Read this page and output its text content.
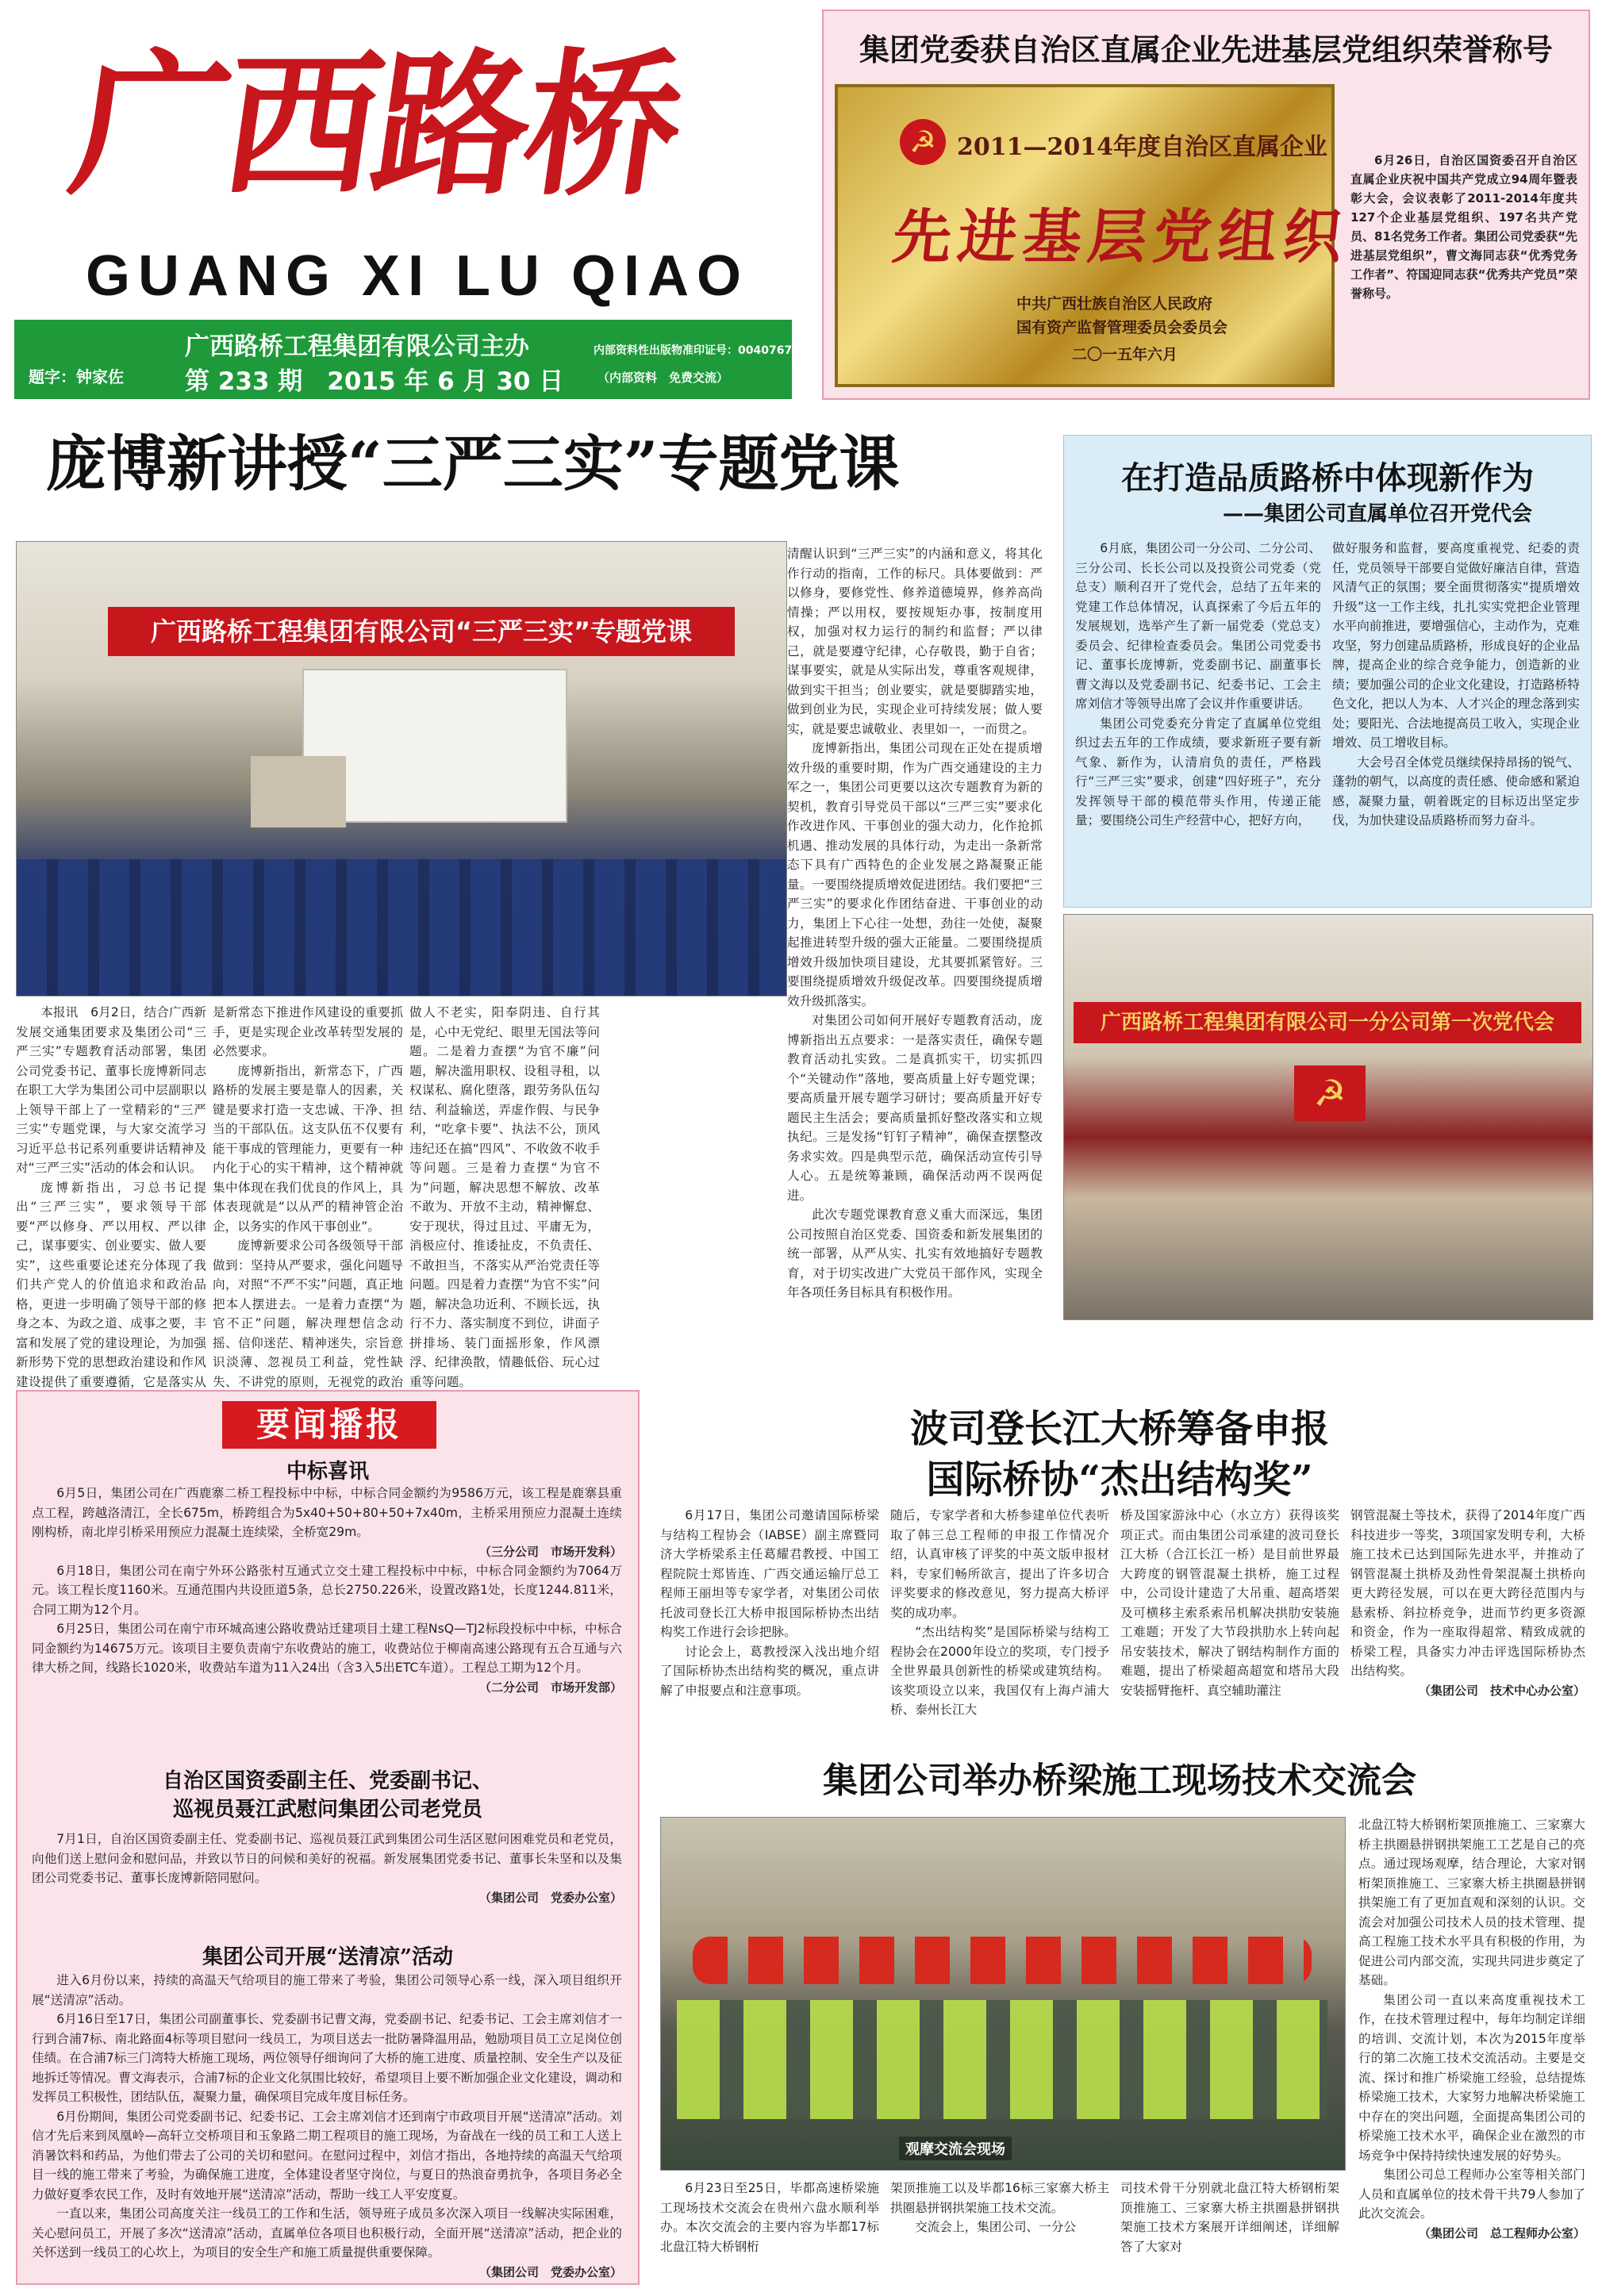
广西路桥
GUANG XI LU QIAO
题字：钟家佐
广西路桥工程集团有限公司主办
第 233 期　2015 年 6 月 30 日
内部资料性出版物准印证号：0040767
（内部资料　免费交流）
集团党委获自治区直属企业先进基层党组织荣誉称号
☭ 2011—2014年度自治区直属企业
先进基层党组织
中共广西壮族自治区人民政府
国有资产监督管理委员会委员会
二〇一五年六月
6月26日，自治区国资委召开自治区直属企业庆祝中国共产党成立94周年暨表彰大会，会议表彰了2011-2014年度共127个企业基层党组织、197名共产党员、81名党务工作者。集团公司党委获“先进基层党组织”，曹文海同志获“优秀党务工作者”、符国迎同志获“优秀共产党员”荣誉称号。
庞博新讲授“三严三实”专题党课
广西路桥工程集团有限公司“三严三实”专题党课

本报讯　6月2日，结合广西新发展交通集团要求及集团公司“三严三实”专题教育活动部署，集团公司党委书记、董事长庞博新同志在职工大学为集团公司中层副职以上领导干部上了一堂精彩的“三严三实”专题党课，与大家交流学习习近平总书记系列重要讲话精神及对“三严三实”活动的体会和认识。

庞博新指出，习总书记提出“三严三实”，要求领导干部要“严以修身、严以用权、严以律己，谋事要实、创业要实、做人要实”，这些重要论述充分体现了我们共产党人的价值追求和政治品格，更进一步明确了领导干部的修身之本、为政之道、成事之要，丰富和发展了党的建设理论，为加强新形势下党的思想政治建设和作风建设提供了重要遵循，它是落实从

是新常态下推进作风建设的重要抓手，更是实现企业改革转型发展的必然要求。

庞博新指出，新常态下，广西路桥的发展主要是靠人的因素，关键是要求打造一支忠诚、干净、担当的干部队伍。这支队伍不仅要有能干事成的管理能力，更要有一种内化于心的实干精神，这个精神就集中体现在我们优良的作风上，具体表现就是“以从严的精神管企治企，以务实的作风干事创业”。

庞博新要求公司各级领导干部做到：坚持从严要求，强化问题导向，对照“不严不实”问题，真正地把本人摆进去。一是着力查摆“为官不正”问题，解决理想信念动摇、信仰迷茫、精神迷失，宗旨意识淡薄、忽视员工利益，党性缺失、不讲党的原则，无视党的政治

做人不老实，阳奉阴违、自行其是，心中无党纪、眼里无国法等问题。二是着力查摆“为官不廉”问题，解决滥用职权、设租寻租，以权谋私、腐化堕落，跟劳务队伍勾结、利益输送，弄虚作假、与民争利，“吃拿卡要”、执法不公，顶风违纪还在搞“四风”、不收敛不收手等问题。三是着力查摆“为官不为”问题，解决思想不解放、改革不敢为、开放不主动，精神懈怠、安于现状，得过且过、平庸无为，消极应付、推诿扯皮，不负责任、不敢担当，不落实从严治党责任等问题。四是着力查摆“为官不实”问题，解决急功近利、不顾长远，执行不力、落实制度不到位，讲面子拼排场、装门面摇形象，作风漂浮、纪律涣散，情趣低俗、玩心过重等问题。

清醒认识到“三严三实”的内涵和意义，将其化作行动的指南，工作的标尺。具体要做到：严以修身，要修党性、修养道德境界，修养高尚情操；严以用权，要按规矩办事，按制度用权，加强对权力运行的制约和监督；严以律己，就是要遵守纪律，心存敬畏，勤于自省；谋事要实，就是从实际出发，尊重客观规律，做到实干担当；创业要实，就是要脚踏实地，做到创业为民，实现企业可持续发展；做人要实，就是要忠诚敬业、表里如一，一而贯之。

庞博新指出，集团公司现在正处在提质增效升级的重要时期，作为广西交通建设的主力军之一，集团公司更要以这次专题教育为新的契机，教育引导党员干部以“三严三实”要求化作改进作风、干事创业的强大动力，化作抢抓机遇、推动发展的具体行动，为走出一条新常态下具有广西特色的企业发展之路凝聚正能量。一要围绕提质增效促进团结。我们要把“三严三实”的要求化作团结奋进、干事创业的动力，集团上下心往一处想，劲往一处使，凝聚起推进转型升级的强大正能量。二要围绕提质增效升级加快项目建设，尤其要抓紧管好。三要围绕提质增效升级促改革。四要围绕提质增效升级抓落实。

对集团公司如何开展好专题教育活动，庞博新指出五点要求：一是落实责任，确保专题教育活动扎实致。二是真抓实干，切实抓四个“关键动作”落地，要高质量上好专题党课；要高质量开展专题学习研讨；要高质量开好专题民主生活会；要高质量抓好整改落实和立规执纪。三是发扬“钉钉子精神”，确保查摆整改务求实效。四是典型示范，确保活动宣传引导人心。五是统筹兼顾，确保活动两不误两促进。

此次专题党课教育意义重大而深远，集团公司按照自治区党委、国资委和新发展集团的统一部署，从严从实、扎实有效地搞好专题教育，对于切实改进广大党员干部作风，实现全年各项任务目标具有积极作用。

在打造品质路桥中体现新作为
——集团公司直属单位召开党代会

6月底，集团公司一分公司、二分公司、三分公司、长长公司以及投资公司党委（党总支）顺利召开了党代会，总结了五年来的党建工作总体情况，认真探索了今后五年的发展规划，选举产生了新一届党委（党总支）委员会、纪律检查委员会。集团公司党委书记、董事长庞博新，党委副书记、副董事长曹文海以及党委副书记、纪委书记、工会主席刘信才等领导出席了会议并作重要讲话。

集团公司党委充分肯定了直属单位党组织过去五年的工作成绩，要求新班子要有新气象、新作为，认清肩负的责任，严格践行“三严三实”要求，创建“四好班子”，充分发挥领导干部的模范带头作用，传递正能量；要围绕公司生产经营中心，把好方向，

做好服务和监督，要高度重视党、纪委的责任，党员领导干部要自觉做好廉洁自律，营造风清气正的氛围；要全面贯彻落实“提质增效升级”这一工作主线，扎扎实实党把企业管理水平向前推进，要增强信心，主动作为，克难攻坚，努力创建品质路桥，形成良好的企业品牌，提高企业的综合竞争能力，创造新的业绩；要加强公司的企业文化建设，打造路桥特色文化，把以人为本、人才兴企的理念落到实处；要阳光、合法地提高员工收入，实现企业增效、员工增收目标。

大会号召全体党员继续保持昂扬的锐气、蓬勃的朝气，以高度的责任感、使命感和紧迫感，凝聚力量，朝着既定的目标迈出坚定步伐，为加快建设品质路桥而努力奋斗。

广西路桥工程集团有限公司一分公司第一次党代会
☭
要闻播报
中标喜讯

6月5日，集团公司在广西鹿寨二桥工程投标中中标，中标合同金额约为9586万元，该工程是鹿寨县重点工程，跨越洛清江，全长675m，桥跨组合为5x40+50+80+50+7x40m，主桥采用预应力混凝土连续刚构桥，南北岸引桥采用预应力混凝土连续梁，全桥宽29m。

（三分公司　市场开发科）

6月18日，集团公司在南宁外环公路张村互通式立交土建工程投标中中标，中标合同金额约为7064万元。该工程长度1160米。互通范围内共设匝道5条，总长2750.226米，设置改路1处，长度1244.811米，合同工期为12个月。

6月25日，集团公司在南宁市环城高速公路收费站迁建项目土建工程NsQ—TJ2标段投标中中标，中标合同金额约为14675万元。该项目主要负责南宁东收费站的施工，收费站位于柳南高速公路现有五合互通与六律大桥之间，线路长1020米，收费站车道为11入24出（含3入5出ETC车道）。工程总工期为12个月。

（二分公司　市场开发部）

自治区国资委副主任、党委副书记、
巡视员聂江武慰问集团公司老党员

7月1日，自治区国资委副主任、党委副书记、巡视员聂江武到集团公司生活区慰问困难党员和老党员，向他们送上慰问金和慰问品，并致以节日的问候和美好的祝福。新发展集团党委书记、董事长朱坚和以及集团公司党委书记、董事长庞博新陪同慰问。

（集团公司　党委办公室）

集团公司开展“送清凉”活动

进入6月份以来，持续的高温天气给项目的施工带来了考验，集团公司领导心系一线，深入项目组织开展“送清凉”活动。

6月16日至17日，集团公司副董事长、党委副书记曹文海，党委副书记、纪委书记、工会主席刘信才一行到合浦7标、南北路面4标等项目慰问一线员工，为项目送去一批防暑降温用品，勉励项目员工立足岗位创佳绩。在合浦7标三门湾特大桥施工现场，两位领导仔细询问了大桥的施工进度、质量控制、安全生产以及征地拆迁等情况。曹文海表示，合浦7标的企业文化氛围比较好，希望项目上要不断加强企业文化建设，调动和发挥员工积极性，团结队伍，凝聚力量，确保项目完成年度目标任务。

6月份期间，集团公司党委副书记、纪委书记、工会主席刘信才还到南宁市政项目开展“送清凉”活动。刘信才先后来到凤凰岭—高轩立交桥项目和玉象路二期工程项目的施工现场，为奋战在一线的员工和工人送上消暑饮料和药品，为他们带去了公司的关切和慰问。在慰问过程中，刘信才指出，各地持续的高温天气给项目一线的施工带来了考验，为确保施工进度，全体建设者坚守岗位，与夏日的热浪奋勇抗争，各项目务必全力做好夏季农民工作，及时有效地开展“送清凉”活动，帮助一线工人平安度夏。

一直以来，集团公司高度关注一线员工的工作和生活，领导班子成员多次深入项目一线解决实际困难，关心慰问员工，开展了多次“送清凉”活动，直属单位各项目也积极行动，全面开展“送清凉”活动，把企业的关怀送到一线员工的心坎上，为项目的安全生产和施工质量提供重要保障。

（集团公司　党委办公室）

波司登长江大桥筹备申报
国际桥协“杰出结构奖”

6月17日，集团公司邀请国际桥梁与结构工程协会（IABSE）副主席暨同济大学桥梁系主任葛耀君教授、中国工程院院士郑皆连、广西交通运输厅总工程师王丽坦等专家学者，对集团公司依托波司登长江大桥申报国际桥协杰出结构奖工作进行会诊把脉。

讨论会上，葛教授深入浅出地介绍了国际桥协杰出结构奖的概况，重点讲解了申报要点和注意事项。

随后，专家学者和大桥参建单位代表听取了韩三总工程师的申报工作情况介绍，认真审核了评奖的中英文版申报材料，专家们畅所欲言，提出了许多切合评奖要求的修改意见，努力提高大桥评奖的成功率。

“杰出结构奖”是国际桥梁与结构工程协会在2000年设立的奖项，专门授予全世界最具创新性的桥梁或建筑结构。该奖项设立以来，我国仅有上海卢浦大桥、泰州长江大

桥及国家游泳中心（水立方）获得该奖项正式。而由集团公司承建的波司登长江大桥（合江长江一桥）是目前世界最大跨度的钢管混凝土拱桥，施工过程中，公司设计建造了大吊重、超高塔架及可横移主索系索吊机解决拱肋安装施工难题；开发了大节段拱肋水上转向起吊安装技术，解决了钢结构制作方面的难题，提出了桥梁超高超宽和塔吊大段安装摇臂拖杆、真空辅助灌注

钢管混凝土等技术，获得了2014年度广西科技进步一等奖，3项国家发明专利，大桥施工技术已达到国际先进水平，并推动了钢管混凝土拱桥及劲性骨架混凝土拱桥向更大跨径发展，可以在更大跨径范围内与悬索桥、斜拉桥竞争，进而节约更多资源和资金，作为一座取得超常、精致成就的桥梁工程，具备实力冲击评选国际桥协杰出结构奖。

（集团公司　技术中心办公室）

集团公司举办桥梁施工现场技术交流会
观摩交流会现场

北盘江特大桥钢桁架顶推施工、三家寨大桥主拱圈悬拼钢拱架施工工艺是自己的亮点。通过现场观摩，结合理论，大家对钢桁架顶推施工、三家寨大桥主拱圈悬拼钢拱架施工有了更加直观和深刻的认识。交流会对加强公司技术人员的技术管理、提高工程施工技术水平具有积极的作用，为促进公司内部交流，实现共同进步奠定了基础。

集团公司一直以来高度重视技术工作，在技术管理过程中，每年均制定详细的培训、交流计划，本次为2015年度举行的第二次施工技术交流活动。主要是交流、探讨和推广桥梁施工经验，总结提炼桥梁施工技术，大家努力地解决桥梁施工中存在的突出问题，全面提高集团公司的桥梁施工技术水平，确保企业在激烈的市场竞争中保持持续快速发展的好势头。

集团公司总工程师办公室等相关部门人员和直属单位的技术骨干共79人参加了此次交流会。

（集团公司　总工程师办公室）

6月23日至25日，毕都高速桥梁施工现场技术交流会在贵州六盘水顺利举办。本次交流会的主要内容为毕都17标北盘江特大桥钢桁

架顶推施工以及毕都16标三家寨大桥主拱圈悬拼钢拱架施工技术交流。

交流会上，集团公司、一分公

司技术骨干分别就北盘江特大桥钢桁架顶推施工、三家寨大桥主拱圈悬拼钢拱架施工技术方案展开详细阐述，详细解答了大家对
